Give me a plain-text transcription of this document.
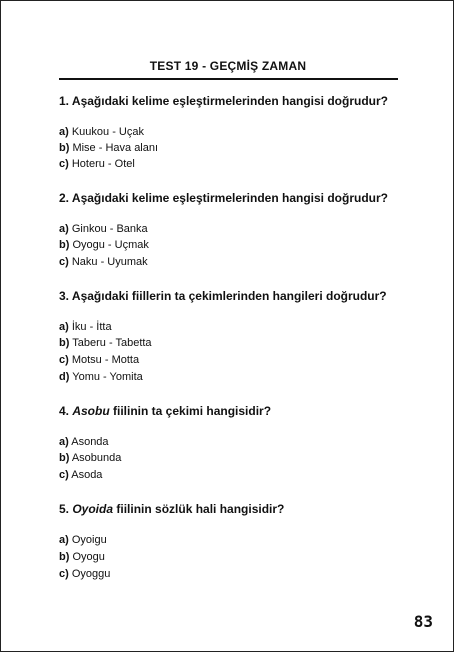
TEST 19 - GEÇMİŞ ZAMAN
1. Aşağıdaki kelime eşleştirmelerinden hangisi doğrudur?
a) Kuukou - Uçak
b) Mise - Hava alanı
c) Hoteru - Otel
2. Aşağıdaki kelime eşleştirmelerinden hangisi doğrudur?
a) Ginkou - Banka
b) Oyogu - Uçmak
c) Naku - Uyumak
3. Aşağıdaki fiillerin ta çekimlerinden hangileri doğrudur?
a) İku - İtta
b) Taberu - Tabetta
c) Motsu - Motta
d) Yomu - Yomita
4. Asobu fiilinin ta çekimi hangisidir?
a) Asonda
b) Asobunda
c) Asoda
5. Oyoida fiilinin sözlük hali hangisidir?
a) Oyoigu
b) Oyogu
c) Oyoggu
83
